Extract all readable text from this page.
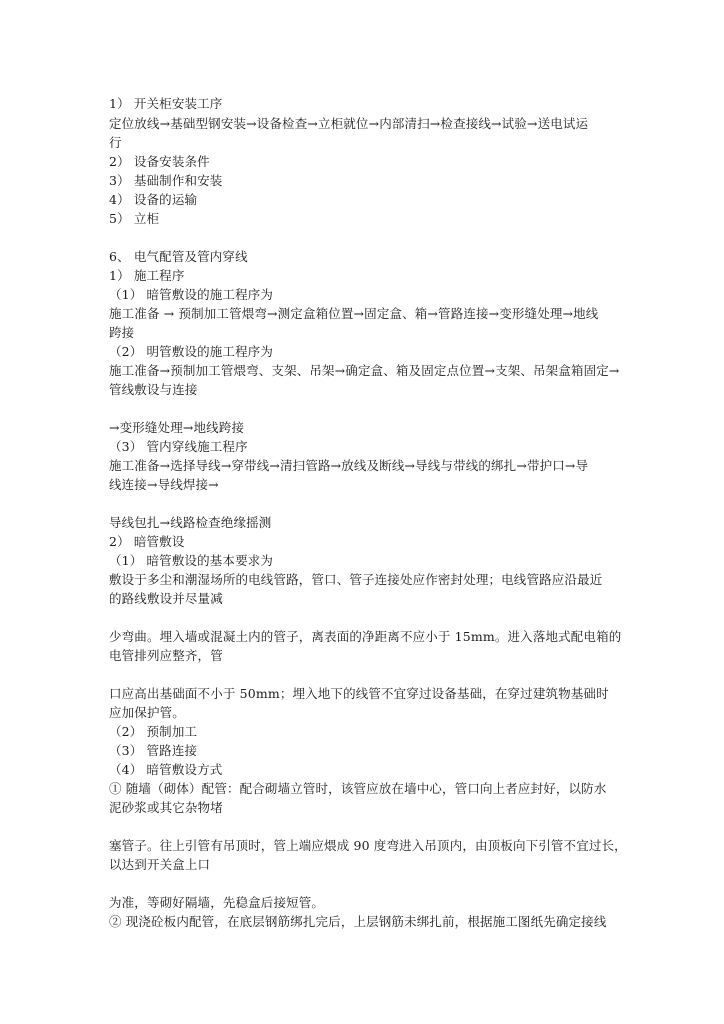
1） 开关柜安装工序
定位放线→基础型钢安装→设备检查→立柜就位→内部清扫→检查接线→试验→送电试运
行
2） 设备安装条件
3） 基础制作和安装
4） 设备的运输
5） 立柜
6、 电气配管及管内穿线
1） 施工程序
（1） 暗管敷设的施工程序为
施工准备 → 预制加工管煨弯→测定盒箱位置→固定盒、箱→管路连接→变形缝处理→地线
跨接
（2） 明管敷设的施工程序为
施工准备→预制加工管煨弯、支架、吊架→确定盒、箱及固定点位置→支架、吊架盒箱固定→
管线敷设与连接
→变形缝处理→地线跨接
（3） 管内穿线施工程序
施工准备→选择导线→穿带线→清扫管路→放线及断线→导线与带线的绑扎→带护口→导
线连接→导线焊接→
导线包扎→线路检查绝缘摇测
2） 暗管敷设
（1） 暗管敷设的基本要求为
敷设于多尘和潮湿场所的电线管路，管口、管子连接处应作密封处理；电线管路应沿最近
的路线敷设并尽量减
少弯曲。埋入墙或混凝土内的管子，离表面的净距离不应小于 15mm。进入落地式配电箱的
电管排列应整齐，管
口应高出基础面不小于 50mm；埋入地下的线管不宜穿过设备基础，在穿过建筑物基础时
应加保护管。
（2） 预制加工
（3） 管路连接
（4） 暗管敷设方式
① 随墙（砌体）配管：配合砌墙立管时，该管应放在墙中心，管口向上者应封好，以防水
泥砂浆或其它杂物堵
塞管子。往上引管有吊顶时，管上端应煨成 90 度弯进入吊顶内，由顶板向下引管不宜过长，
以达到开关盒上口
为准，等砌好隔墙，先稳盒后接短管。
② 现浇砼板内配管，在底层钢筋绑扎完后，上层钢筋未绑扎前，根据施工图纸先确定接线
